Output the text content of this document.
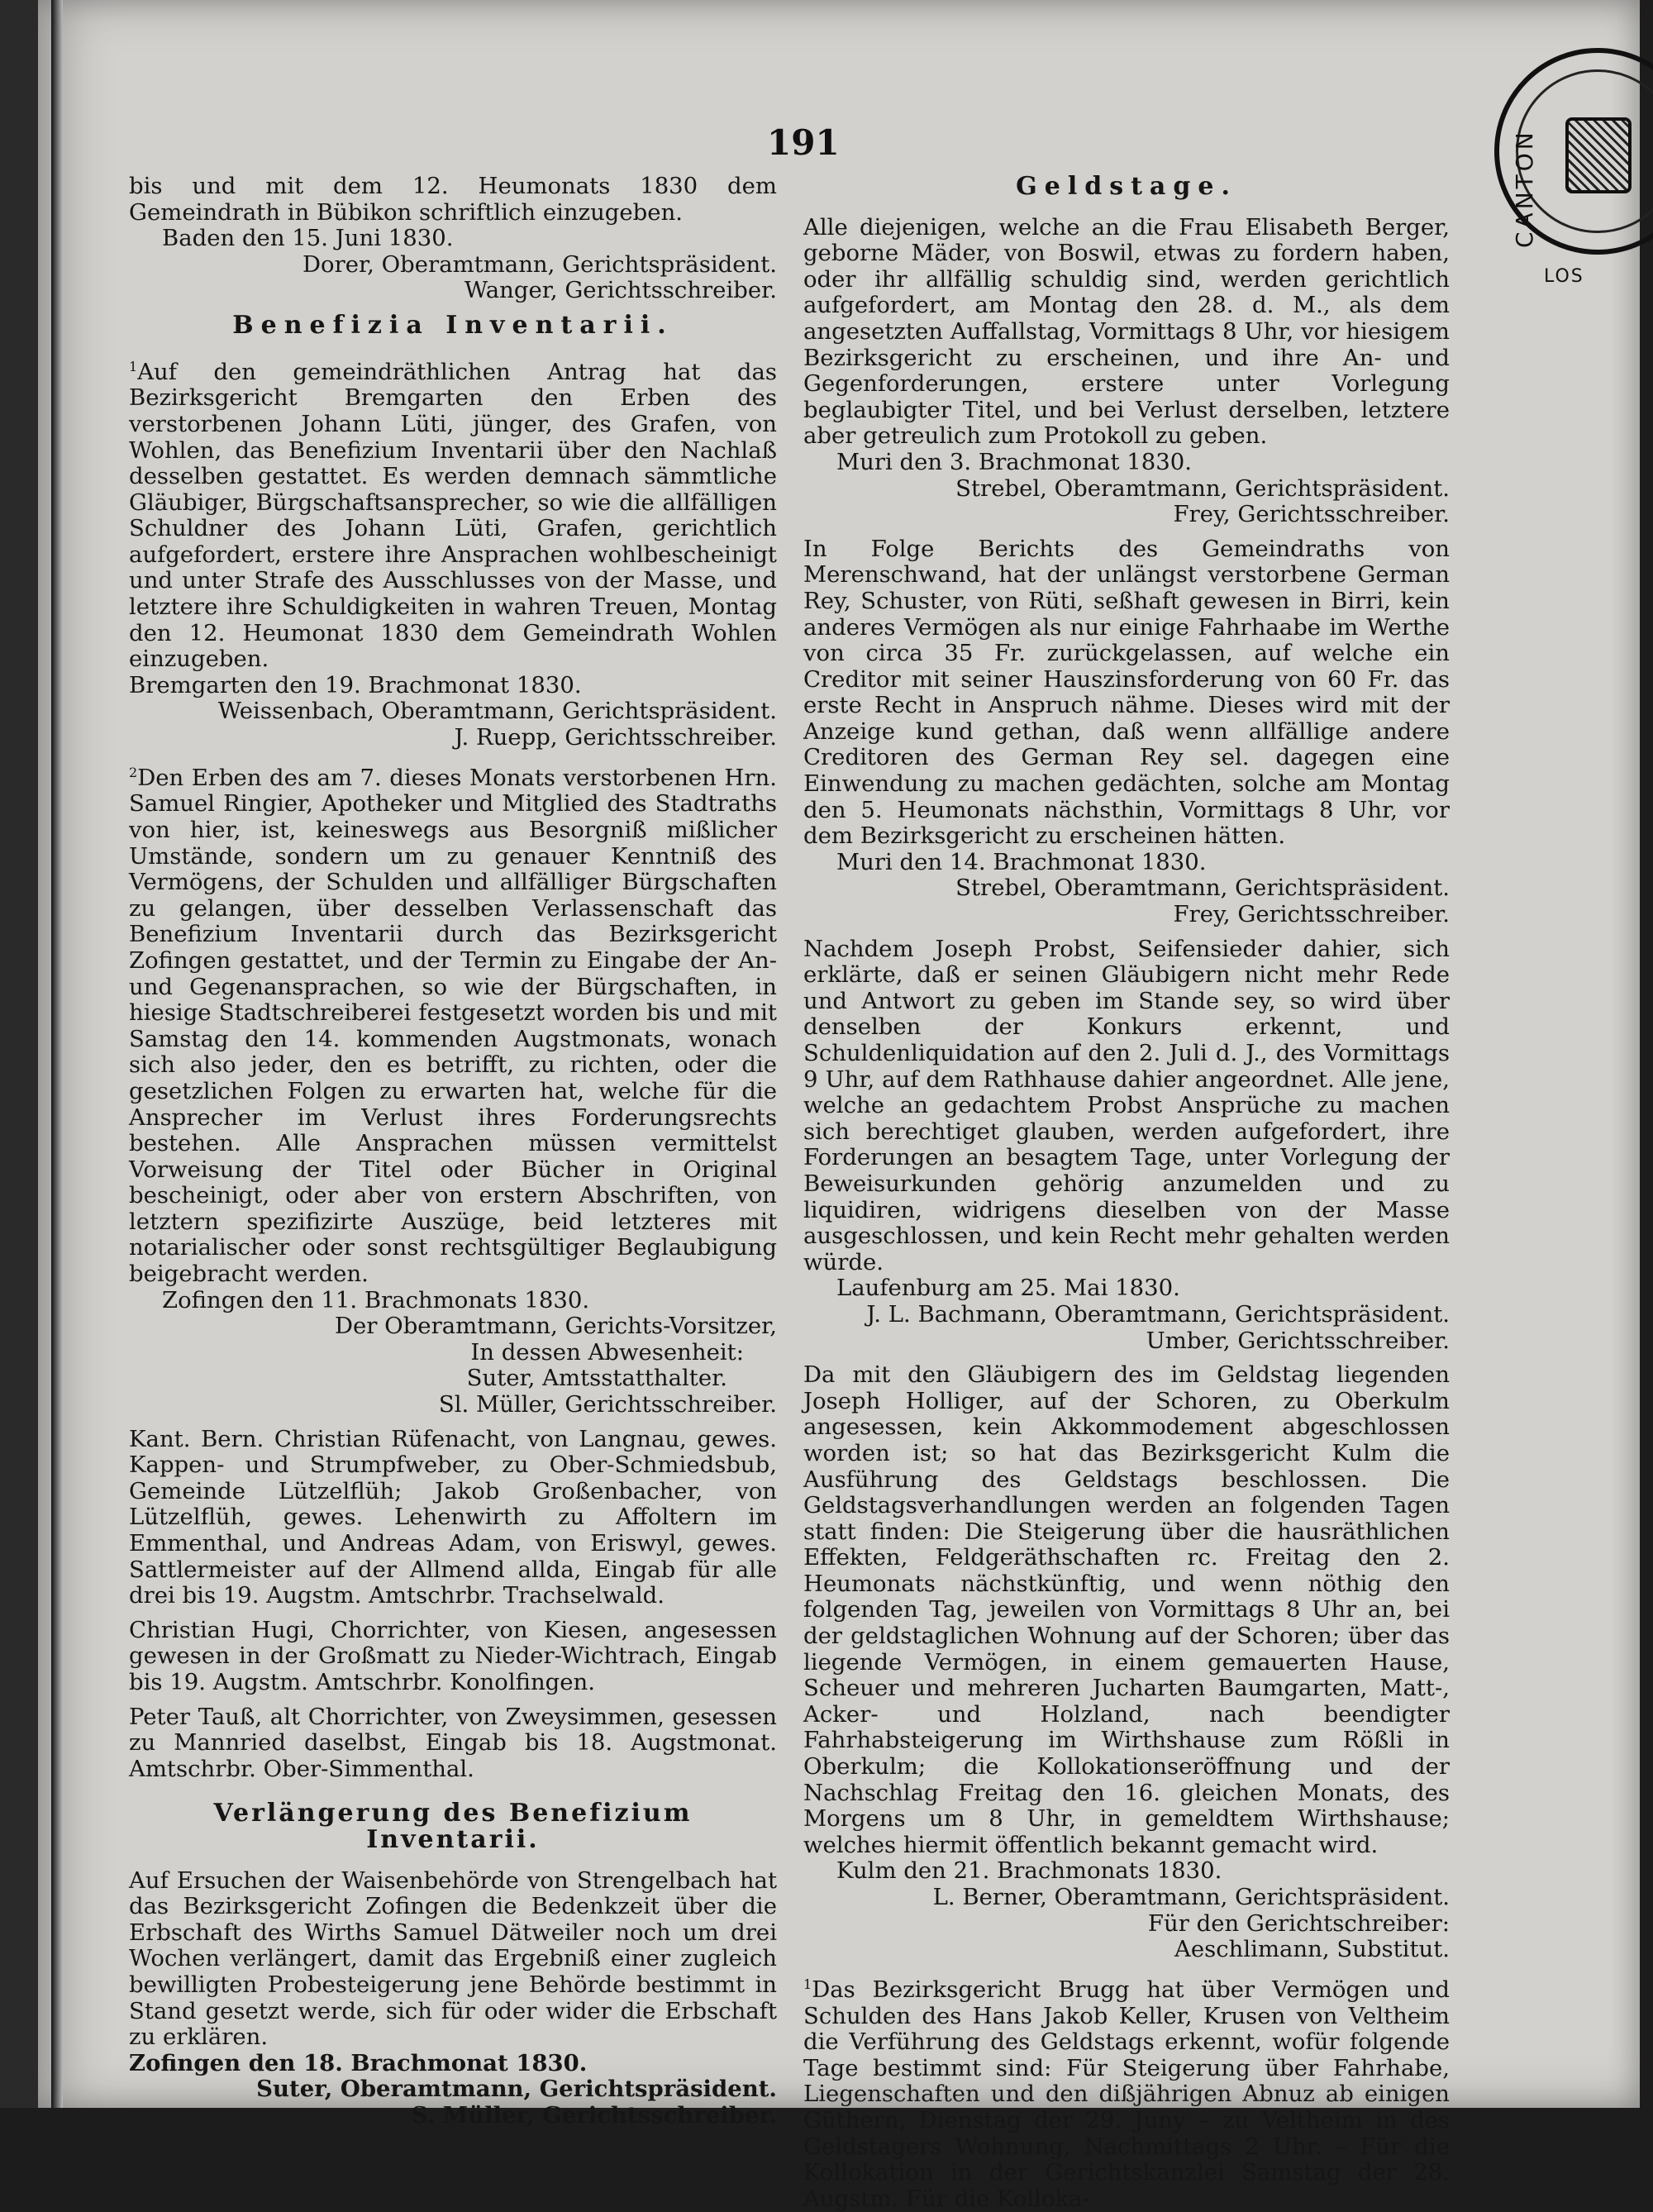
CANTON
LOS
191

bis und mit dem 12. Heumonats 1830 dem Gemeindrath in Bübikon schriftlich einzugeben.

Baden den 15. Juni 1830.

Dorer, Oberamtmann, Gerichtspräsident.

Wanger, Gerichtsschreiber.

Benefizia Inventarii.

$^1$Auf den gemeindräthlichen Antrag hat das Bezirksgericht Bremgarten den Erben des verstorbenen Johann Lüti, jünger, des Grafen, von Wohlen, das Benefizium Inventarii über den Nachlaß desselben gestattet. Es werden demnach sämmtliche Gläubiger, Bürgschaftsansprecher, so wie die allfälligen Schuldner des Johann Lüti, Grafen, gerichtlich aufgefordert, erstere ihre Ansprachen wohlbescheinigt und unter Strafe des Ausschlusses von der Masse, und letztere ihre Schuldigkeiten in wahren Treuen, Montag den 12. Heumonat 1830 dem Gemeindrath Wohlen einzugeben.

Bremgarten den 19. Brachmonat 1830.

Weissenbach, Oberamtmann, Gerichtspräsident.

J. Ruepp, Gerichtsschreiber.

$^2$Den Erben des am 7. dieses Monats verstorbenen Hrn. Samuel Ringier, Apotheker und Mitglied des Stadtraths von hier, ist, keineswegs aus Besorgniß mißlicher Umstände, sondern um zu genauer Kenntniß des Vermögens, der Schulden und allfälliger Bürgschaften zu gelangen, über desselben Verlassenschaft das Benefizium Inventarii durch das Bezirksgericht Zofingen gestattet, und der Termin zu Eingabe der An- und Gegenansprachen, so wie der Bürgschaften, in hiesige Stadtschreiberei festgesetzt worden bis und mit Samstag den 14. kommenden Augstmonats, wonach sich also jeder, den es betrifft, zu richten, oder die gesetzlichen Folgen zu erwarten hat, welche für die Ansprecher im Verlust ihres Forderungsrechts bestehen. Alle Ansprachen müssen vermittelst Vorweisung der Titel oder Bücher in Original bescheinigt, oder aber von erstern Abschriften, von letztern spezifizirte Auszüge, beid letzteres mit notarialischer oder sonst rechtsgültiger Beglaubigung beigebracht werden.

Zofingen den 11. Brachmonats 1830.

Der Oberamtmann, Gerichts-Vorsitzer,

In dessen Abwesenheit:

Suter, Amtsstatthalter.

Sl. Müller, Gerichtsschreiber.

Kant. Bern. Christian Rüfenacht, von Langnau, gewes. Kappen- und Strumpfweber, zu Ober-Schmiedsbub, Gemeinde Lützelflüh; Jakob Großenbacher, von Lützelflüh, gewes. Lehenwirth zu Affoltern im Emmenthal, und Andreas Adam, von Eriswyl, gewes. Sattlermeister auf der Allmend allda, Eingab für alle drei bis 19. Augstm. Amtschrbr. Trachselwald.

Christian Hugi, Chorrichter, von Kiesen, angesessen gewesen in der Großmatt zu Nieder-Wichtrach, Eingab bis 19. Augstm. Amtschrbr. Konolfingen.

Peter Tauß, alt Chorrichter, von Zweysimmen, gesessen zu Mannried daselbst, Eingab bis 18. Augstmonat. Amtschrbr. Ober-Simmenthal.

Verlängerung des Benefizium Inventarii.

Auf Ersuchen der Waisenbehörde von Strengelbach hat das Bezirksgericht Zofingen die Bedenkzeit über die Erbschaft des Wirths Samuel Dätweiler noch um drei Wochen verlängert, damit das Ergebniß einer zugleich bewilligten Probesteigerung jene Behörde bestimmt in Stand gesetzt werde, sich für oder wider die Erbschaft zu erklären.

Zofingen den 18. Brachmonat 1830.

Suter, Oberamtmann, Gerichtspräsident.

S. Müller, Gerichtsschreiber.

Geldstage.

Alle diejenigen, welche an die Frau Elisabeth Berger, geborne Mäder, von Boswil, etwas zu fordern haben, oder ihr allfällig schuldig sind, werden gerichtlich aufgefordert, am Montag den 28. d. M., als dem angesetzten Auffallstag, Vormittags 8 Uhr, vor hiesigem Bezirksgericht zu erscheinen, und ihre An- und Gegenforderungen, erstere unter Vorlegung beglaubigter Titel, und bei Verlust derselben, letztere aber getreulich zum Protokoll zu geben.

Muri den 3. Brachmonat 1830.

Strebel, Oberamtmann, Gerichtspräsident.

Frey, Gerichtsschreiber.

In Folge Berichts des Gemeindraths von Merenschwand, hat der unlängst verstorbene German Rey, Schuster, von Rüti, seßhaft gewesen in Birri, kein anderes Vermögen als nur einige Fahrhaabe im Werthe von circa 35 Fr. zurückgelassen, auf welche ein Creditor mit seiner Hauszinsforderung von 60 Fr. das erste Recht in Anspruch nähme. Dieses wird mit der Anzeige kund gethan, daß wenn allfällige andere Creditoren des German Rey sel. dagegen eine Einwendung zu machen gedächten, solche am Montag den 5. Heumonats nächsthin, Vormittags 8 Uhr, vor dem Bezirksgericht zu erscheinen hätten.

Muri den 14. Brachmonat 1830.

Strebel, Oberamtmann, Gerichtspräsident.

Frey, Gerichtsschreiber.

Nachdem Joseph Probst, Seifensieder dahier, sich erklärte, daß er seinen Gläubigern nicht mehr Rede und Antwort zu geben im Stande sey, so wird über denselben der Konkurs erkennt, und Schuldenliquidation auf den 2. Juli d. J., des Vormittags 9 Uhr, auf dem Rathhause dahier angeordnet. Alle jene, welche an gedachtem Probst Ansprüche zu machen sich berechtiget glauben, werden aufgefordert, ihre Forderungen an besagtem Tage, unter Vorlegung der Beweisurkunden gehörig anzumelden und zu liquidiren, widrigens dieselben von der Masse ausgeschlossen, und kein Recht mehr gehalten werden würde.

Laufenburg am 25. Mai 1830.

J. L. Bachmann, Oberamtmann, Gerichtspräsident.

Umber, Gerichtsschreiber.

Da mit den Gläubigern des im Geldstag liegenden Joseph Holliger, auf der Schoren, zu Oberkulm angesessen, kein Akkommodement abgeschlossen worden ist; so hat das Bezirksgericht Kulm die Ausführung des Geldstags beschlossen. Die Geldstagsverhandlungen werden an folgenden Tagen statt finden: Die Steigerung über die hausräthlichen Effekten, Feldgeräthschaften rc. Freitag den 2. Heumonats nächstkünftig, und wenn nöthig den folgenden Tag, jeweilen von Vormittags 8 Uhr an, bei der geldstaglichen Wohnung auf der Schoren; über das liegende Vermögen, in einem gemauerten Hause, Scheuer und mehreren Jucharten Baumgarten, Matt-, Acker- und Holzland, nach beendigter Fahrhabsteigerung im Wirthshause zum Rößli in Oberkulm; die Kollokationseröffnung und der Nachschlag Freitag den 16. gleichen Monats, des Morgens um 8 Uhr, in gemeldtem Wirthshause; welches hiermit öffentlich bekannt gemacht wird.

Kulm den 21. Brachmonats 1830.

L. Berner, Oberamtmann, Gerichtspräsident.

Für den Gerichtschreiber:

Aeschlimann, Substitut.

$^1$Das Bezirksgericht Brugg hat über Vermögen und Schulden des Hans Jakob Keller, Krusen von Veltheim die Verführung des Geldstags erkennt, wofür folgende Tage bestimmt sind: Für Steigerung über Fahrhabe, Liegenschaften und den dißjährigen Abnuz ab einigen Güthern, Dienstag der 29. Juny – zu Veltheim in des Geldstagers Wohnung, Nachmittags 2 Uhr. – Für die Kollokation in der Gerichtskanzlei Samstag der 28. Augstm. Für die Kolloka-
